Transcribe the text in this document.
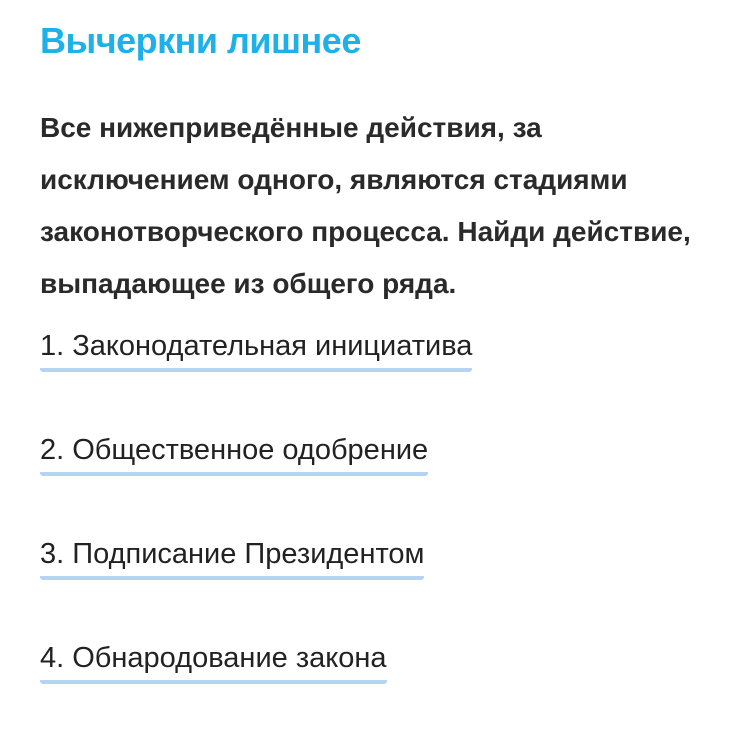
Вычеркни лишнее

Все нижеприведённые действия, за исключением одного, являются стадиями законотворческого процесса. Найди действие, выпадающее из общего ряда.

1. Законодательная инициатива
2. Общественное одобрение
3. Подписание Президентом
4. Обнародование закона
